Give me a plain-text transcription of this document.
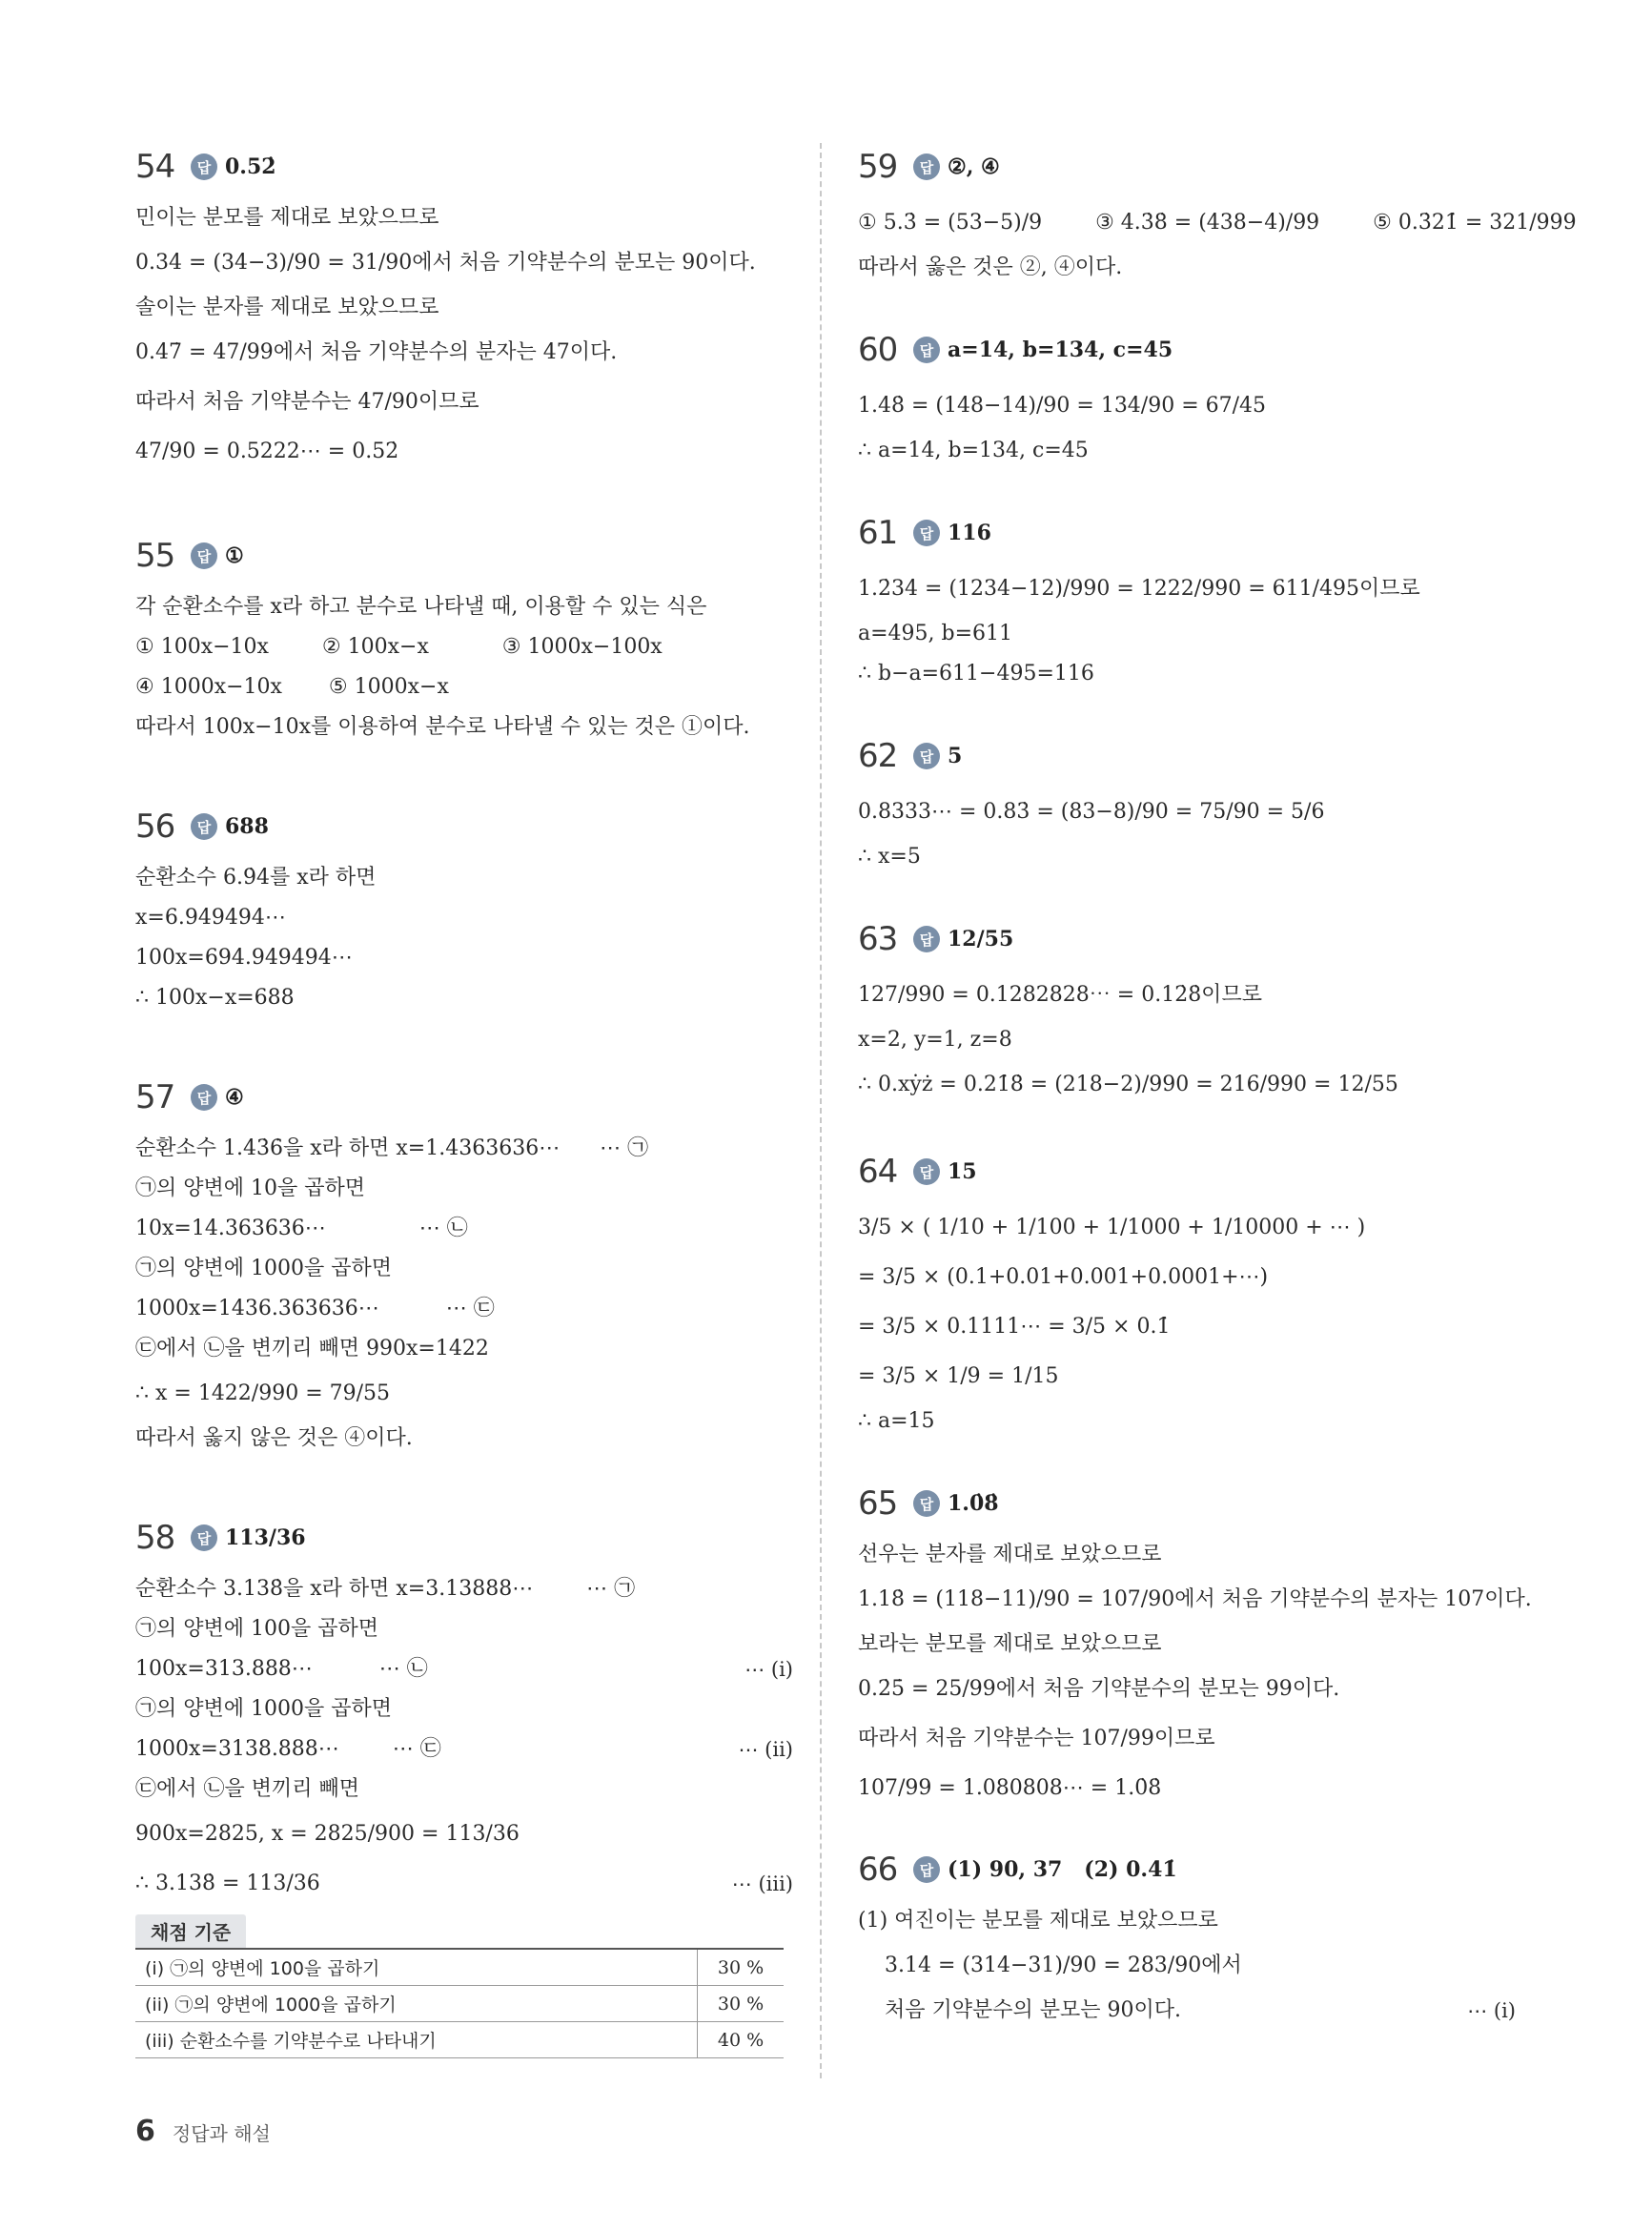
54	답 0.52̇
민이는 분모를 제대로 보았으므로
0.34̇ = (34−3)/90 = 31/90에서 처음 기약분수의 분모는 90이다.
솔이는 분자를 제대로 보았으므로
0.4̇7̇ = 47/99에서 처음 기약분수의 분자는 47이다.
따라서 처음 기약분수는 47/90이므로
47/90 = 0.5222⋯ = 0.52̇
55	답 ①
각 순환소수를 x라 하고 분수로 나타낼 때, 이용할 수 있는 식은
① 100x−10x        ② 100x−x           ③ 1000x−100x
④ 1000x−10x       ⑤ 1000x−x
따라서 100x−10x를 이용하여 분수로 나타낼 수 있는 것은 ①이다.
56	답 688
순환소수 6.9̇4̇를 x라 하면
x=6.949494⋯
100x=694.949494⋯
∴ 100x−x=688
57	답 ④
순환소수 1.43̇6̇을 x라 하면 x=1.4363636⋯      ⋯ ㉠
㉠의 양변에 10을 곱하면
10x=14.363636⋯              ⋯ ㉡
㉠의 양변에 1000을 곱하면
1000x=1436.363636⋯          ⋯ ㉢
㉢에서 ㉡을 변끼리 빼면 990x=1422
∴ x = 1422/990 = 79/55
따라서 옳지 않은 것은 ④이다.
58	답 113/36
순환소수 3.138̇을 x라 하면 x=3.13888⋯        ⋯ ㉠
㉠의 양변에 100을 곱하면
100x=313.888⋯          ⋯ ㉡	⋯ (i)
㉠의 양변에 1000을 곱하면
1000x=3138.888⋯        ⋯ ㉢	⋯ (ii)
㉢에서 ㉡을 변끼리 빼면
900x=2825, x = 2825/900 = 113/36
∴ 3.138̇ = 113/36	⋯ (iii)
채점 기준
(i) ㉠의 양변에 100을 곱하기	30 %
(ii) ㉠의 양변에 1000을 곱하기	30 %
(iii) 순환소수를 기약분수로 나타내기	40 %
59	답 ②, ④
① 5.3̇ = (53−5)/9        ③ 4.3̇8̇ = (438−4)/99        ⑤ 0.3̇21̇ = 321/999
따라서 옳은 것은 ②, ④이다.
60	답 a=14, b=134, c=45
1.48̇ = (148−14)/90 = 134/90 = 67/45
∴ a=14, b=134, c=45
61	답 116
1.2̇34̇ = (1234−12)/990 = 1222/990 = 611/495이므로
a=495, b=611
∴ b−a=611−495=116
62	답 5
0.8333⋯ = 0.83̇ = (83−8)/90 = 75/90 = 5/6
∴ x=5
63	답 12/55
127/990 = 0.1282828⋯ = 0.12̇8̇이므로
x=2, y=1, z=8
∴ 0.xẏż = 0.21̇8̇ = (218−2)/990 = 216/990 = 12/55
64	답 15
3/5 × ( 1/10 + 1/100 + 1/1000 + 1/10000 + ⋯ )
= 3/5 × (0.1+0.01+0.001+0.0001+⋯)
= 3/5 × 0.1111⋯ = 3/5 × 0.1̇
= 3/5 × 1/9 = 1/15
∴ a=15
65	답 1.0̇8̇
선우는 분자를 제대로 보았으므로
1.18̇ = (118−11)/90 = 107/90에서 처음 기약분수의 분자는 107이다.
보라는 분모를 제대로 보았으므로
0.2̇5̇ = 25/99에서 처음 기약분수의 분모는 99이다.
따라서 처음 기약분수는 107/99이므로
107/99 = 1.080808⋯ = 1.0̇8̇
66	답 (1) 90, 37   (2) 0.41̇
(1) 여진이는 분모를 제대로 보았으므로
3.14̇ = (314−31)/90 = 283/90에서
처음 기약분수의 분모는 90이다.	⋯ (i)
6 정답과 해설
